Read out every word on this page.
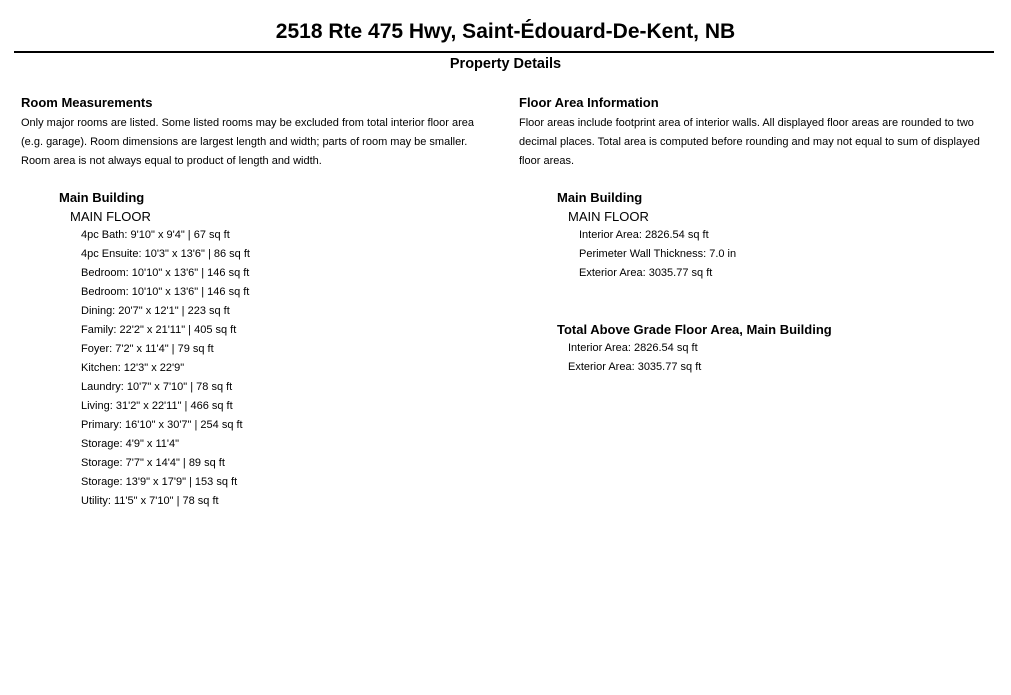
2518 Rte 475 Hwy, Saint-Édouard-De-Kent, NB
Property Details
Room Measurements

Only major rooms are listed. Some listed rooms may be excluded from total interior floor area (e.g. garage). Room dimensions are largest length and width; parts of room may be smaller. Room area is not always equal to product of length and width.

Main Building
MAIN FLOOR
4pc Bath: 9'10" x 9'4" | 67 sq ft
4pc Ensuite: 10'3" x 13'6" | 86 sq ft
Bedroom: 10'10" x 13'6" | 146 sq ft
Bedroom: 10'10" x 13'6" | 146 sq ft
Dining: 20'7" x 12'1" | 223 sq ft
Family: 22'2" x 21'11" | 405 sq ft
Foyer: 7'2" x 11'4" | 79 sq ft
Kitchen: 12'3" x 22'9"
Laundry: 10'7" x 7'10" | 78 sq ft
Living: 31'2" x 22'11" | 466 sq ft
Primary: 16'10" x 30'7" | 254 sq ft
Storage: 4'9" x 11'4"
Storage: 7'7" x 14'4" | 89 sq ft
Storage: 13'9" x 17'9" | 153 sq ft
Utility: 11'5" x 7'10" | 78 sq ft
Floor Area Information

Floor areas include footprint area of interior walls. All displayed floor areas are rounded to two decimal places. Total area is computed before rounding and may not equal to sum of displayed floor areas.

Main Building
MAIN FLOOR
Interior Area: 2826.54 sq ft
Perimeter Wall Thickness: 7.0 in
Exterior Area: 3035.77 sq ft
Total Above Grade Floor Area, Main Building
Interior Area: 2826.54 sq ft
Exterior Area: 3035.77 sq ft
